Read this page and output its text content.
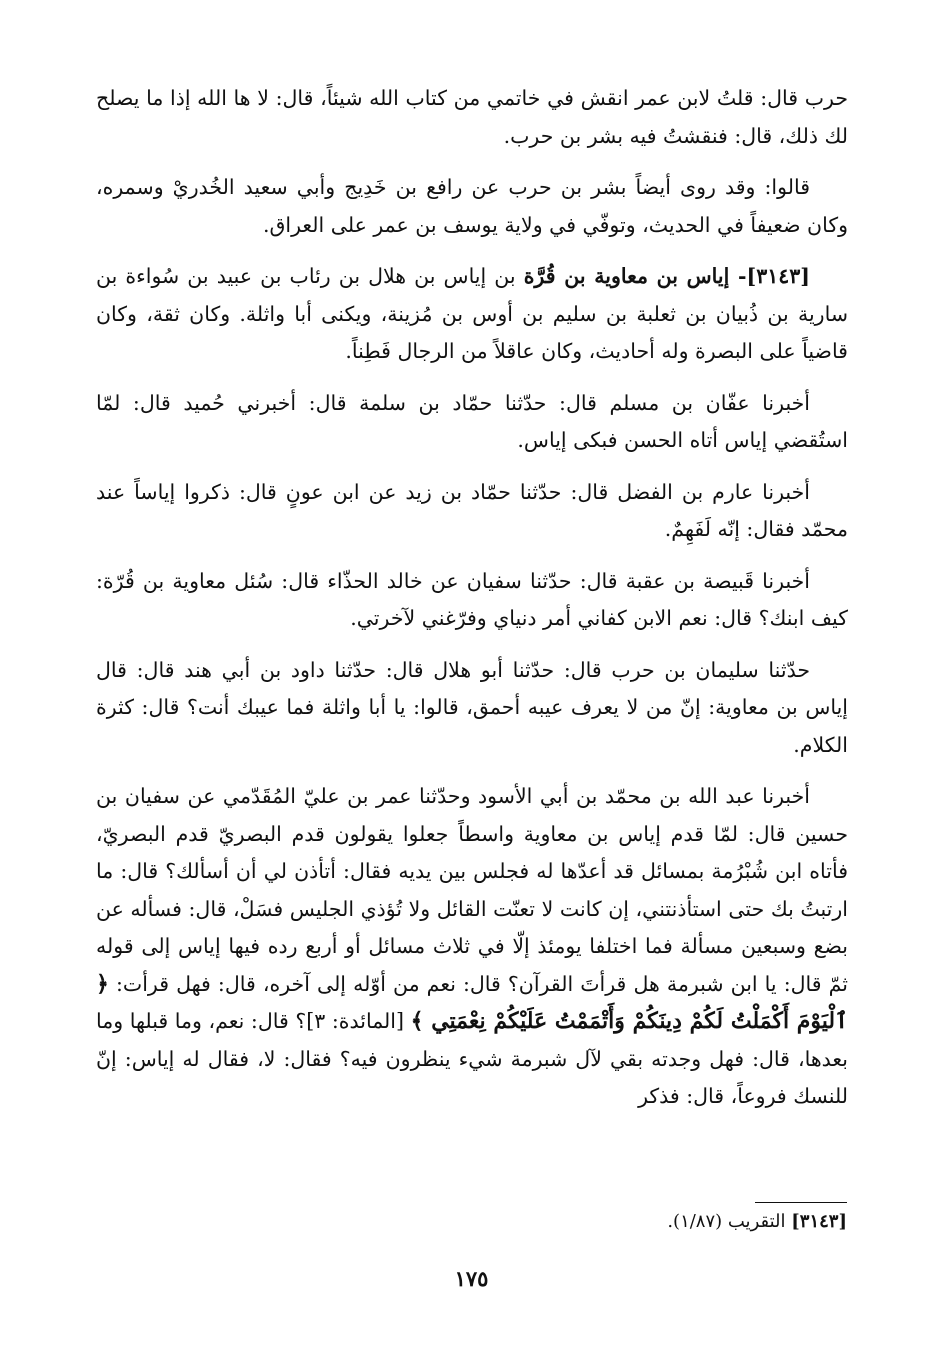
حرب قال: قلتُ لابن عمر انقش في خاتمي من كتاب الله شيئاً، قال: لا ها الله إذا ما يصلح لك ذلك، قال: فنقشتُ فيه بشر بن حرب.

قالوا: وقد روى أيضاً بشر بن حرب عن رافع بن خَدِيج وأبي سعيد الخُدريْ وسمره، وكان ضعيفاً في الحديث، وتوفّي في ولاية يوسف بن عمر على العراق.

[٣١٤٣]- إياس بن معاوية بن قُرَّة بن إياس بن هلال بن رئاب بن عبيد بن سُواءة بن سارية بن ذُبيان بن ثعلبة بن سليم بن أوس بن مُزينة، ويكنى أبا واثلة. وكان ثقة، وكان قاضياً على البصرة وله أحاديث، وكان عاقلاً من الرجال فَطِناً.

أخبرنا عفّان بن مسلم قال: حدّثنا حمّاد بن سلمة قال: أخبرني حُميد قال: لمّا استُقضي إياس أتاه الحسن فبكى إياس.

أخبرنا عارم بن الفضل قال: حدّثنا حمّاد بن زيد عن ابن عونٍ قال: ذكروا إياساً عند محمّد فقال: إنّه لَفَهِمٌ.

أخبرنا قَبيصة بن عقبة قال: حدّثنا سفيان عن خالد الحذّاء قال: سُئل معاوية بن قُرّة: كيف ابنك؟ قال: نعم الابن كفاني أمر دنياي وفرّغني لآخرتي.

حدّثنا سليمان بن حرب قال: حدّثنا أبو هلال قال: حدّثنا داود بن أبي هند قال: قال إياس بن معاوية: إنّ من لا يعرف عيبه أحمق، قالوا: يا أبا واثلة فما عيبك أنت؟ قال: كثرة الكلام.

أخبرنا عبد الله بن محمّد بن أبي الأسود وحدّثنا عمر بن عليّ المُقَدّمي عن سفيان بن حسين قال: لمّا قدم إياس بن معاوية واسطاً جعلوا يقولون قدم البصريّ قدم البصريّ، فأتاه ابن شُبْرُمة بمسائل قد أعدّها له فجلس بين يديه فقال: أتأذن لي أن أسألك؟ قال: ما ارتبتُ بك حتى استأذنتني، إن كانت لا تعنّت القائل ولا تُؤذي الجليس فسَلْ، قال: فسأله عن بضع وسبعين مسألة فما اختلفا يومئذ إلّا في ثلاث مسائل أو أربع رده فيها إياس إلى قوله ثمّ قال: يا ابن شبرمة هل قرأتَ القرآن؟ قال: نعم من أوّله إلى آخره، قال: فهل قرأت: ﴿ ٱلْيَوْمَ أَكْمَلْتُ لَكُمْ دِينَكُمْ وَأَتْمَمْتُ عَلَيْكُمْ نِعْمَتِي ﴾ [المائدة: ٣]؟ قال: نعم، وما قبلها وما بعدها، قال: فهل وجدته بقي لآل شبرمة شيء ينظرون فيه؟ فقال: لا، فقال له إياس: إنّ للنسك فروعاً، قال: فذكر

[٣١٤٣] التقريب (١/٨٧).
١٧٥
